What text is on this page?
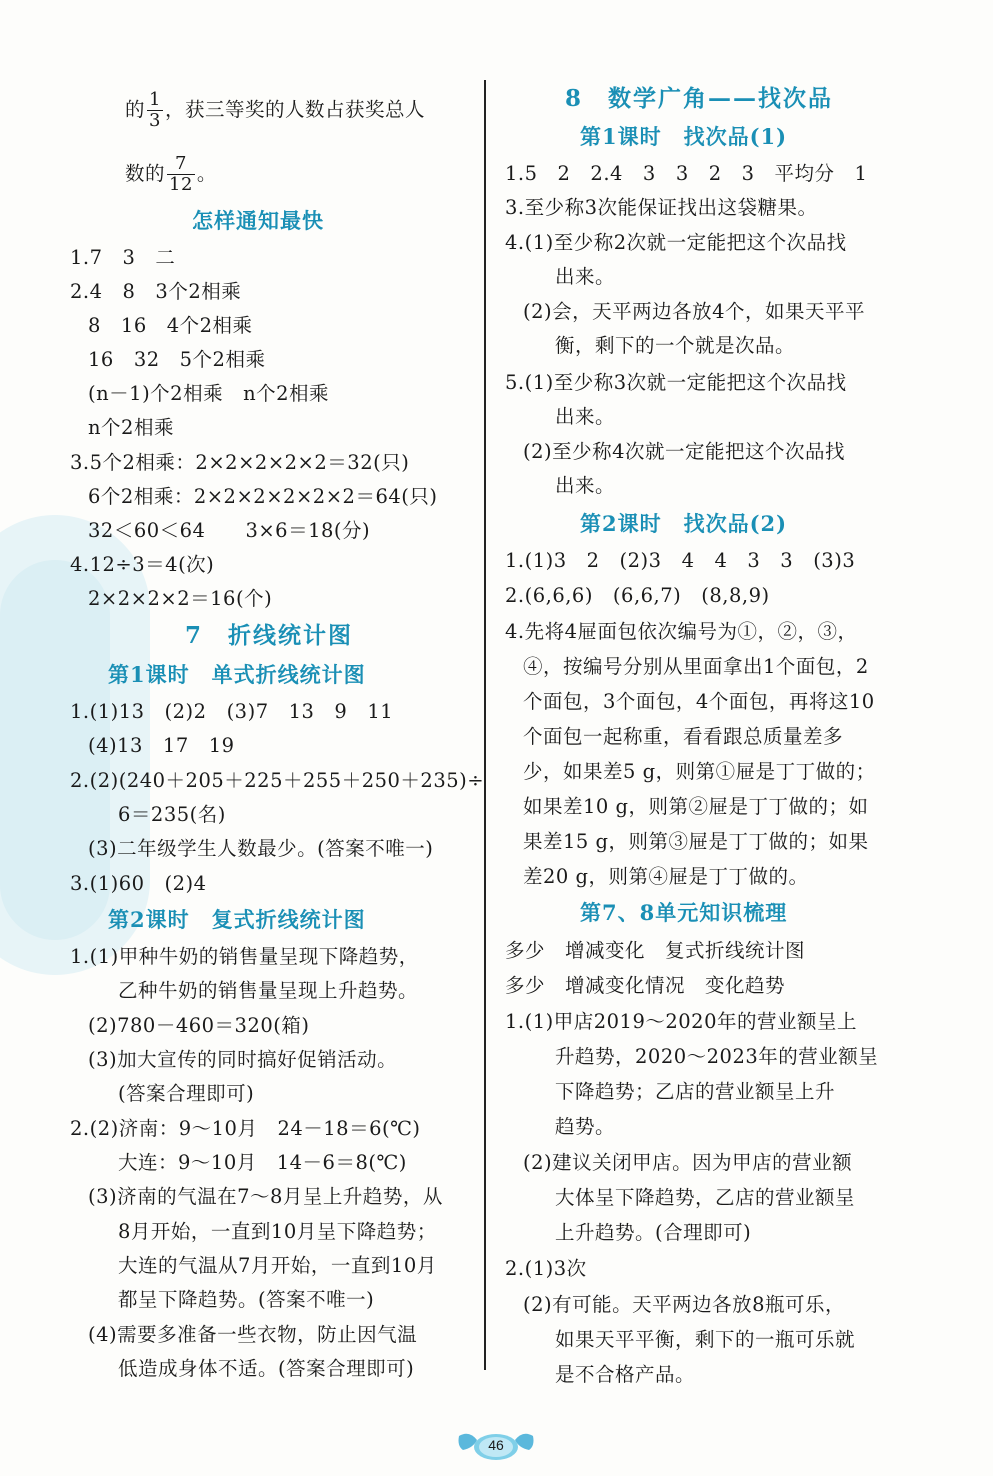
的 $\frac{1}{3}$ ，获三等奖的人数占获奖总人
数的 $\frac{7}{12}$ 。
怎样通知最快
1.7　3　二
2.4　8　3个2相乘
8　16　4个2相乘
16　32　5个2相乘
(n－1)个2相乘　n个2相乘
n个2相乘
3.5个2相乘：2×2×2×2×2＝32(只)
6个2相乘：2×2×2×2×2×2＝64(只)
32＜60＜64　　3×6＝18(分)
4.12÷3＝4(次)
2×2×2×2＝16(个)
7　折线统计图
第1课时　单式折线统计图
1.(1)13　(2)2　(3)7　13　9　11
(4)13　17　19
2.(2)(240＋205＋225＋255＋250＋235)÷
6＝235(名)
(3)二年级学生人数最少。(答案不唯一)
3.(1)60　(2)4
第2课时　复式折线统计图
1.(1)甲种牛奶的销售量呈现下降趋势，
乙种牛奶的销售量呈现上升趋势。
(2)780－460＝320(箱)
(3)加大宣传的同时搞好促销活动。
(答案合理即可)
2.(2)济南：9～10月　24－18＝6(℃)
大连：9～10月　14－6＝8(℃)
(3)济南的气温在7～8月呈上升趋势，从
8月开始，一直到10月呈下降趋势；
大连的气温从7月开始，一直到10月
都呈下降趋势。(答案不唯一)
(4)需要多准备一些衣物，防止因气温
低造成身体不适。(答案合理即可)
8　数学广角——找次品
第1课时　找次品(1)
1.5　2　2.4　3　3　2　3　平均分　1
3.至少称3次能保证找出这袋糖果。
4.(1)至少称2次就一定能把这个次品找
出来。
(2)会，天平两边各放4个，如果天平平
衡，剩下的一个就是次品。
5.(1)至少称3次就一定能把这个次品找
出来。
(2)至少称4次就一定能把这个次品找
出来。
第2课时　找次品(2)
1.(1)3　2　(2)3　4　4　3　3　(3)3
2.(6,6,6)　(6,6,7)　(8,8,9)
4.先将4屉面包依次编号为①，②，③，
④，按编号分别从里面拿出1个面包，2
个面包，3个面包，4个面包，再将这10
个面包一起称重，看看跟总质量差多
少，如果差5 g，则第①屉是丁丁做的；
如果差10 g，则第②屉是丁丁做的；如
果差15 g，则第③屉是丁丁做的；如果
差20 g，则第④屉是丁丁做的。
第7、8单元知识梳理
多少　增减变化　复式折线统计图
多少　增减变化情况　变化趋势
1.(1)甲店2019～2020年的营业额呈上
升趋势，2020～2023年的营业额呈
下降趋势；乙店的营业额呈上升
趋势。
(2)建议关闭甲店。因为甲店的营业额
大体呈下降趋势，乙店的营业额呈
上升趋势。(合理即可)
2.(1)3次
(2)有可能。天平两边各放8瓶可乐，
如果天平平衡，剩下的一瓶可乐就
是不合格产品。
46
